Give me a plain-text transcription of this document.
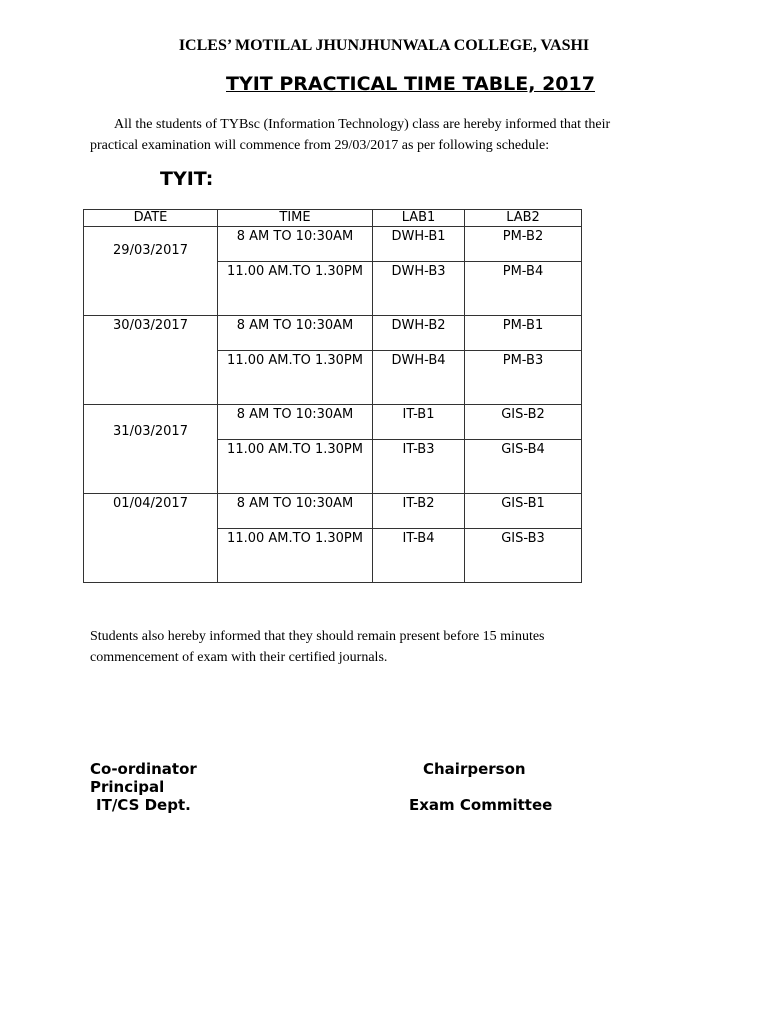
ICLES’ MOTILAL JHUNJHUNWALA COLLEGE, VASHI
TYIT PRACTICAL TIME TABLE, 2017
All the students of TYBsc (Information Technology) class are hereby informed that their
practical examination will commence from 29/03/2017 as per following schedule:
TYIT:
DATE	TIME	LAB1	LAB2

29/03/2017	8 AM TO 10:30AM	DWH-B1	PM-B2
	11.00 AM.TO 1.30PM	DWH-B3	PM-B4
30/03/2017	8 AM TO 10:30AM	DWH-B2	PM-B1
	11.00 AM.TO 1.30PM	DWH-B4	PM-B3

31/03/2017	8 AM TO 10:30AM	IT-B1	GIS-B2
	11.00 AM.TO 1.30PM	IT-B3	GIS-B4
01/04/2017	8 AM TO 10:30AM	IT-B2	GIS-B1
	11.00 AM.TO 1.30PM	IT-B4	GIS-B3
Students also hereby informed that they should remain present before 15 minutes
commencement of exam with their certified journals.
Co-ordinator
Principal
IT/CS Dept.
Chairperson
Exam Committee
